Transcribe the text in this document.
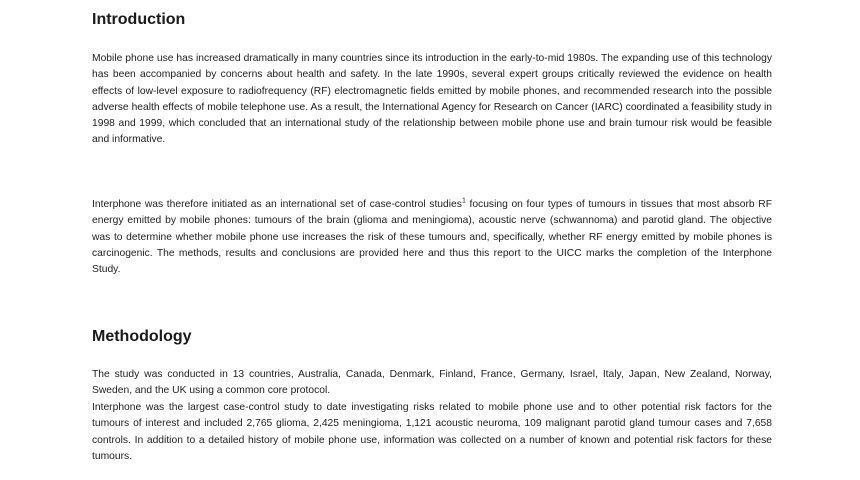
Introduction

Mobile phone use has increased dramatically in many countries since its introduction in the early-to-mid 1980s. The expanding use of this technology has been accompanied by concerns about health and safety. In the late 1990s, several expert groups critically reviewed the evidence on health effects of low-level exposure to radiofrequency (RF) electromagnetic fields emitted by mobile phones, and recommended research into the possible adverse health effects of mobile telephone use. As a result, the International Agency for Research on Cancer (IARC) coordinated a feasibility study in 1998 and 1999, which concluded that an international study of the relationship between mobile phone use and brain tumour risk would be feasible and informative.

Interphone was therefore initiated as an international set of case-control studies$^1$ focusing on four types of tumours in tissues that most absorb RF energy emitted by mobile phones: tumours of the brain (glioma and meningioma), acoustic nerve (schwannoma) and parotid gland. The objective was to determine whether mobile phone use increases the risk of these tumours and, specifically, whether RF energy emitted by mobile phones is carcinogenic. The methods, results and conclusions are provided here and thus this report to the UICC marks the completion of the Interphone Study.

Methodology

The study was conducted in 13 countries, Australia, Canada, Denmark, Finland, France, Germany, Israel, Italy, Japan, New Zealand, Norway, Sweden, and the UK using a common core protocol.

Interphone was the largest case-control study to date investigating risks related to mobile phone use and to other potential risk factors for the tumours of interest and included 2,765 glioma, 2,425 meningioma, 1,121 acoustic neuroma, 109 malignant parotid gland tumour cases and 7,658 controls. In addition to a detailed history of mobile phone use, information was collected on a number of known and potential risk factors for these tumours.
